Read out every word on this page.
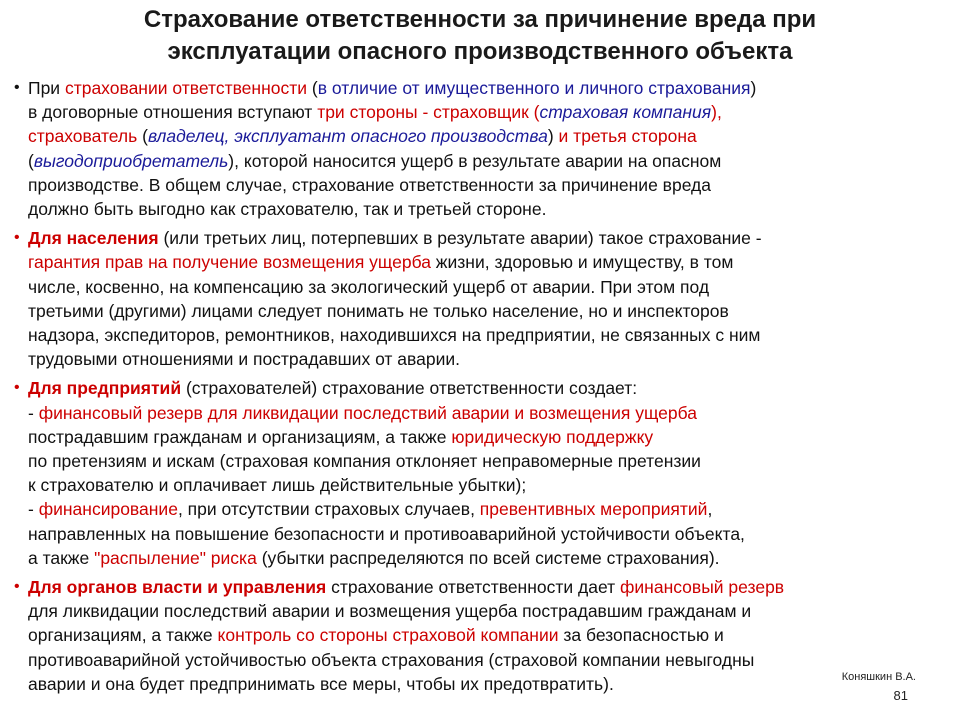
Страхование ответственности за причинение вреда при
эксплуатации опасного производственного объекта
• При страховании ответственности (в отличие от имущественного и личного страхования)
в договорные отношения вступают три стороны - страховщик (страховая компания),
страхователь (владелец, эксплуатант опасного производства) и третья сторона
(выгодоприобретатель), которой наносится ущерб в результате аварии на опасном
производстве. В общем случае, страхование ответственности за причинение вреда
должно быть выгодно как страхователю, так и третьей стороне.
• Для населения (или третьих лиц, потерпевших в результате аварии) такое страхование -
гарантия прав на получение возмещения ущерба жизни, здоровью и имуществу, в том
числе, косвенно, на компенсацию за экологический ущерб от аварии. При этом под
третьими (другими) лицами следует понимать не только население, но и инспекторов
надзора, экспедиторов, ремонтников, находившихся на предприятии, не связанных с ним
трудовыми отношениями и пострадавших от аварии.
• Для предприятий (страхователей) страхование ответственности создает:
- финансовый резерв для ликвидации последствий аварии и возмещения ущерба
пострадавшим гражданам и организациям, а также юридическую поддержку
по претензиям и искам (страховая компания отклоняет неправомерные претензии
к страхователю и оплачивает лишь действительные убытки);
- финансирование, при отсутствии страховых случаев, превентивных мероприятий,
направленных на повышение безопасности и противоаварийной устойчивости объекта,
а также "распыление" риска (убытки распределяются по всей системе страхования).
• Для органов власти и управления страхование ответственности дает финансовый резерв
для ликвидации последствий аварии и возмещения ущерба пострадавшим гражданам и
организациям, а также контроль со стороны страховой компании за безопасностью и
противоаварийной устойчивостью объекта страхования (страховой компании невыгодны
аварии и она будет предпринимать все меры, чтобы их предотвратить).	Коняшкин В.А.
81
